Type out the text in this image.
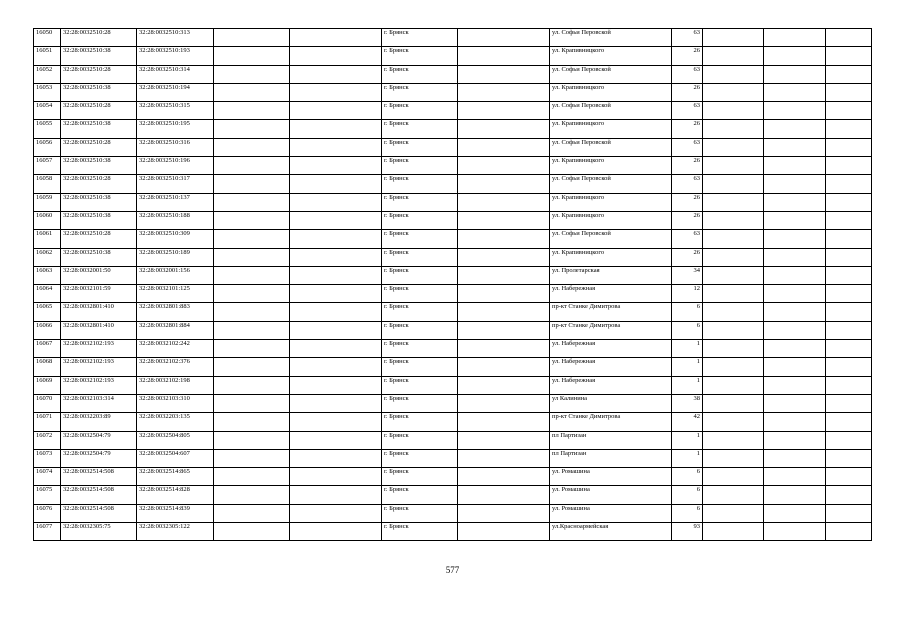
16050	32:28:0032510:28	32:28:0032510:313			г. Брянск		ул. Софьи Перовской	63			
16051	32:28:0032510:38	32:28:0032510:193			г. Брянск		ул. Крапивницкого	26			
16052	32:28:0032510:28	32:28:0032510:314			г. Брянск		ул. Софьи Перовской	63			
16053	32:28:0032510:38	32:28:0032510:194			г. Брянск		ул. Крапивницкого	26			
16054	32:28:0032510:28	32:28:0032510:315			г. Брянск		ул. Софьи Перовской	63			
16055	32:28:0032510:38	32:28:0032510:195			г. Брянск		ул. Крапивницкого	26			
16056	32:28:0032510:28	32:28:0032510:316			г. Брянск		ул. Софьи Перовской	63			
16057	32:28:0032510:38	32:28:0032510:196			г. Брянск		ул. Крапивницкого	26			
16058	32:28:0032510:28	32:28:0032510:317			г. Брянск		ул. Софьи Перовской	63			
16059	32:28:0032510:38	32:28:0032510:137			г. Брянск		ул. Крапивницкого	26			
16060	32:28:0032510:38	32:28:0032510:188			г. Брянск		ул. Крапивницкого	26			
16061	32:28:0032510:28	32:28:0032510:309			г. Брянск		ул. Софьи Перовской	63			
16062	32:28:0032510:38	32:28:0032510:189			г. Брянск		ул. Крапивницкого	26			
16063	32:28:0032001:50	32:28:0032001:156			г. Брянск		ул. Пролетарская	34			
16064	32:28:0032101:59	32:28:0032101:125			г. Брянск		ул. Набережная	12			
16065	32:28:0032801:410	32:28:0032801:883			г. Брянск		пр-кт Станке Димитрова	6			
16066	32:28:0032801:410	32:28:0032801:884			г. Брянск		пр-кт Станке Димитрова	6			
16067	32:28:0032102:193	32:28:0032102:242			г. Брянск		ул. Набережная	1			
16068	32:28:0032102:193	32:28:0032102:376			г. Брянск		ул. Набережная	1			
16069	32:28:0032102:193	32:28:0032102:198			г. Брянск		ул. Набережная	1			
16070	32:28:0032103:314	32:28:0032103:310			г. Брянск		ул Калинина	38			
16071	32:28:0032203:89	32:28:0032203:135			г. Брянск		пр-кт Станке Димитрова	42			
16072	32:28:0032504:79	32:28:0032504:805			г. Брянск		пл Партизан	1			
16073	32:28:0032504:79	32:28:0032504:607			г. Брянск		пл Партизан	1			
16074	32:28:0032514:508	32:28:0032514:865			г. Брянск		ул. Ромашина	6			
16075	32:28:0032514:508	32:28:0032514:828			г. Брянск		ул. Ромашина	6			
16076	32:28:0032514:508	32:28:0032514:839			г. Брянск		ул. Ромашина	6			
16077	32:28:0032305:75	32:28:0032305:122			г. Брянск		ул.Красноармейская	93			
577
